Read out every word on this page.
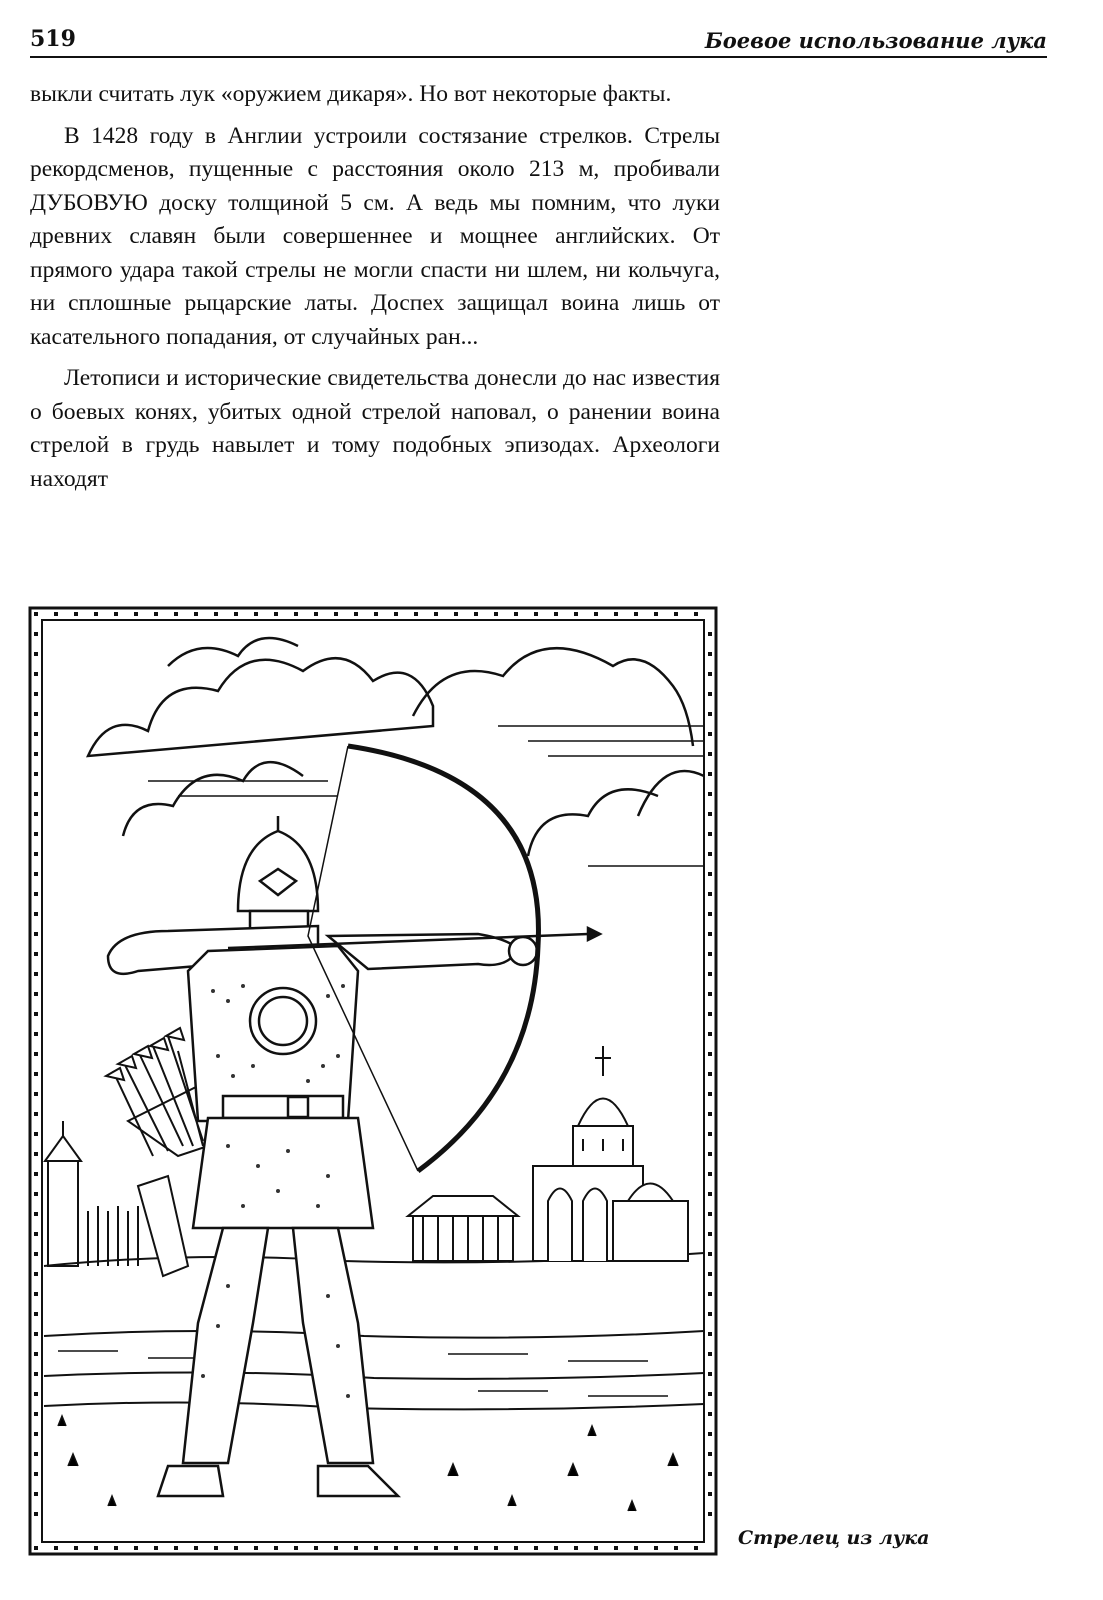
519	Боевое использование лука

выкли считать лук «оружием дикаря». Но вот некоторые факты.

В 1428 году в Англии устроили состязание стрелков. Стрелы рекордсменов, пущенные с расстояния около 213 м, пробивали ДУБОВУЮ доску толщиной 5 см. А ведь мы помним, что луки древних славян были совершеннее и мощнее английских. От прямого удара такой стрелы не могли спасти ни шлем, ни кольчуга, ни сплошные рыцарские латы. Доспех защищал воина лишь от касательного попадания, от случайных ран...

Летописи и исторические свидетельства донесли до нас известия о боевых конях, убитых одной стрелой наповал, о ранении воина стрелой в грудь навылет и тому подобных эпизодах. Археологи находят

Стрелец из лука
